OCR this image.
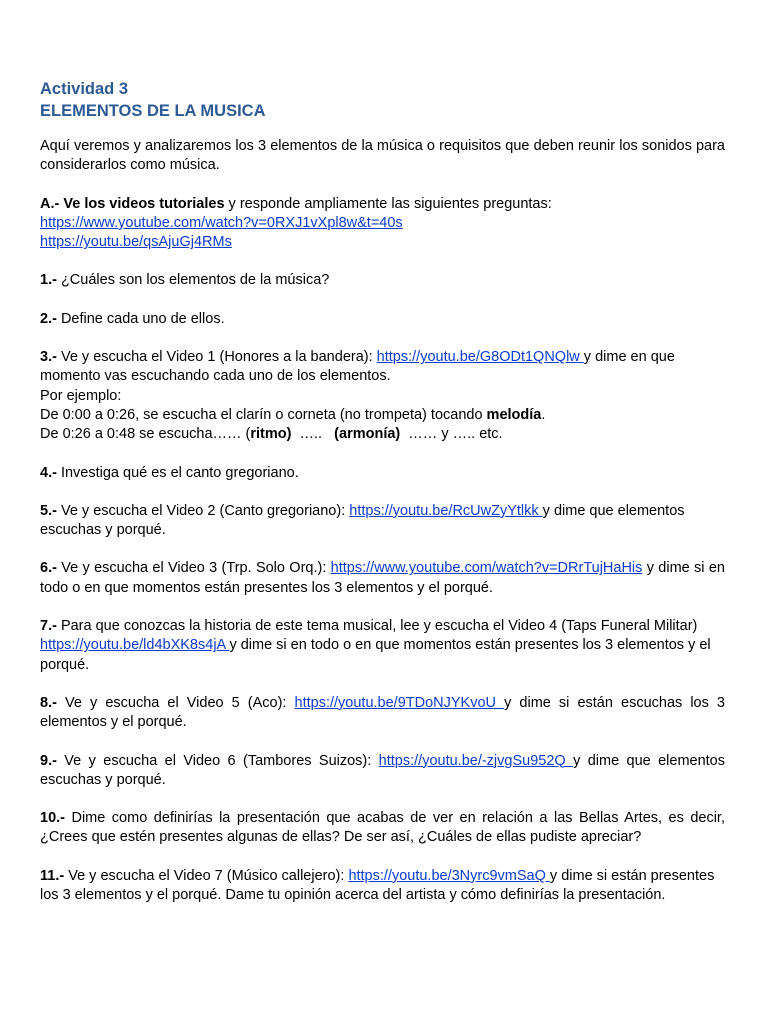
Actividad 3
ELEMENTOS DE LA MUSICA

Aquí veremos y analizaremos los 3 elementos de la música o requisitos que deben reunir los sonidos para considerarlos como música.

A.- Ve los videos tutoriales y responde ampliamente las siguientes preguntas:
https://www.youtube.com/watch?v=0RXJ1vXpl8w&t=40s
https://youtu.be/qsAjuGj4RMs

1.- ¿Cuáles son los elementos de la música?

2.- Define cada uno de ellos.

3.- Ve y escucha el Video 1 (Honores a la bandera): https://youtu.be/G8ODt1QNQlw y dime en que momento vas escuchando cada uno de los elementos.
Por ejemplo:
De 0:00 a 0:26, se escucha el clarín o corneta (no trompeta) tocando melodía.
De 0:26 a 0:48 se escucha…… (ritmo)  …..   (armonía)  …… y ….. etc.

4.- Investiga qué es el canto gregoriano.

5.- Ve y escucha el Video 2 (Canto gregoriano): https://youtu.be/RcUwZyYtlkk y dime que elementos escuchas y porqué.

6.- Ve y escucha el Video 3 (Trp. Solo Orq.): https://www.youtube.com/watch?v=DRrTujHaHis y dime si en todo o en que momentos están presentes los 3 elementos y el porqué.

7.- Para que conozcas la historia de este tema musical, lee y escucha el Video 4 (Taps Funeral Militar) https://youtu.be/ld4bXK8s4jA y dime si en todo o en que momentos están presentes los 3 elementos y el porqué.

8.- Ve y escucha el Video 5 (Aco): https://youtu.be/9TDoNJYKvoU y dime si están escuchas los 3 elementos y el porqué.

9.- Ve y escucha el Video 6 (Tambores Suizos): https://youtu.be/-zjvgSu952Q y dime que elementos escuchas y porqué.

10.- Dime como definirías la presentación que acabas de ver en relación a las Bellas Artes, es decir, ¿Crees que estén presentes algunas de ellas? De ser así, ¿Cuáles de ellas pudiste apreciar?

11.- Ve y escucha el Video 7 (Músico callejero): https://youtu.be/3Nyrc9vmSaQ y dime si están presentes los 3 elementos y el porqué. Dame tu opinión acerca del artista y cómo definirías la presentación.
